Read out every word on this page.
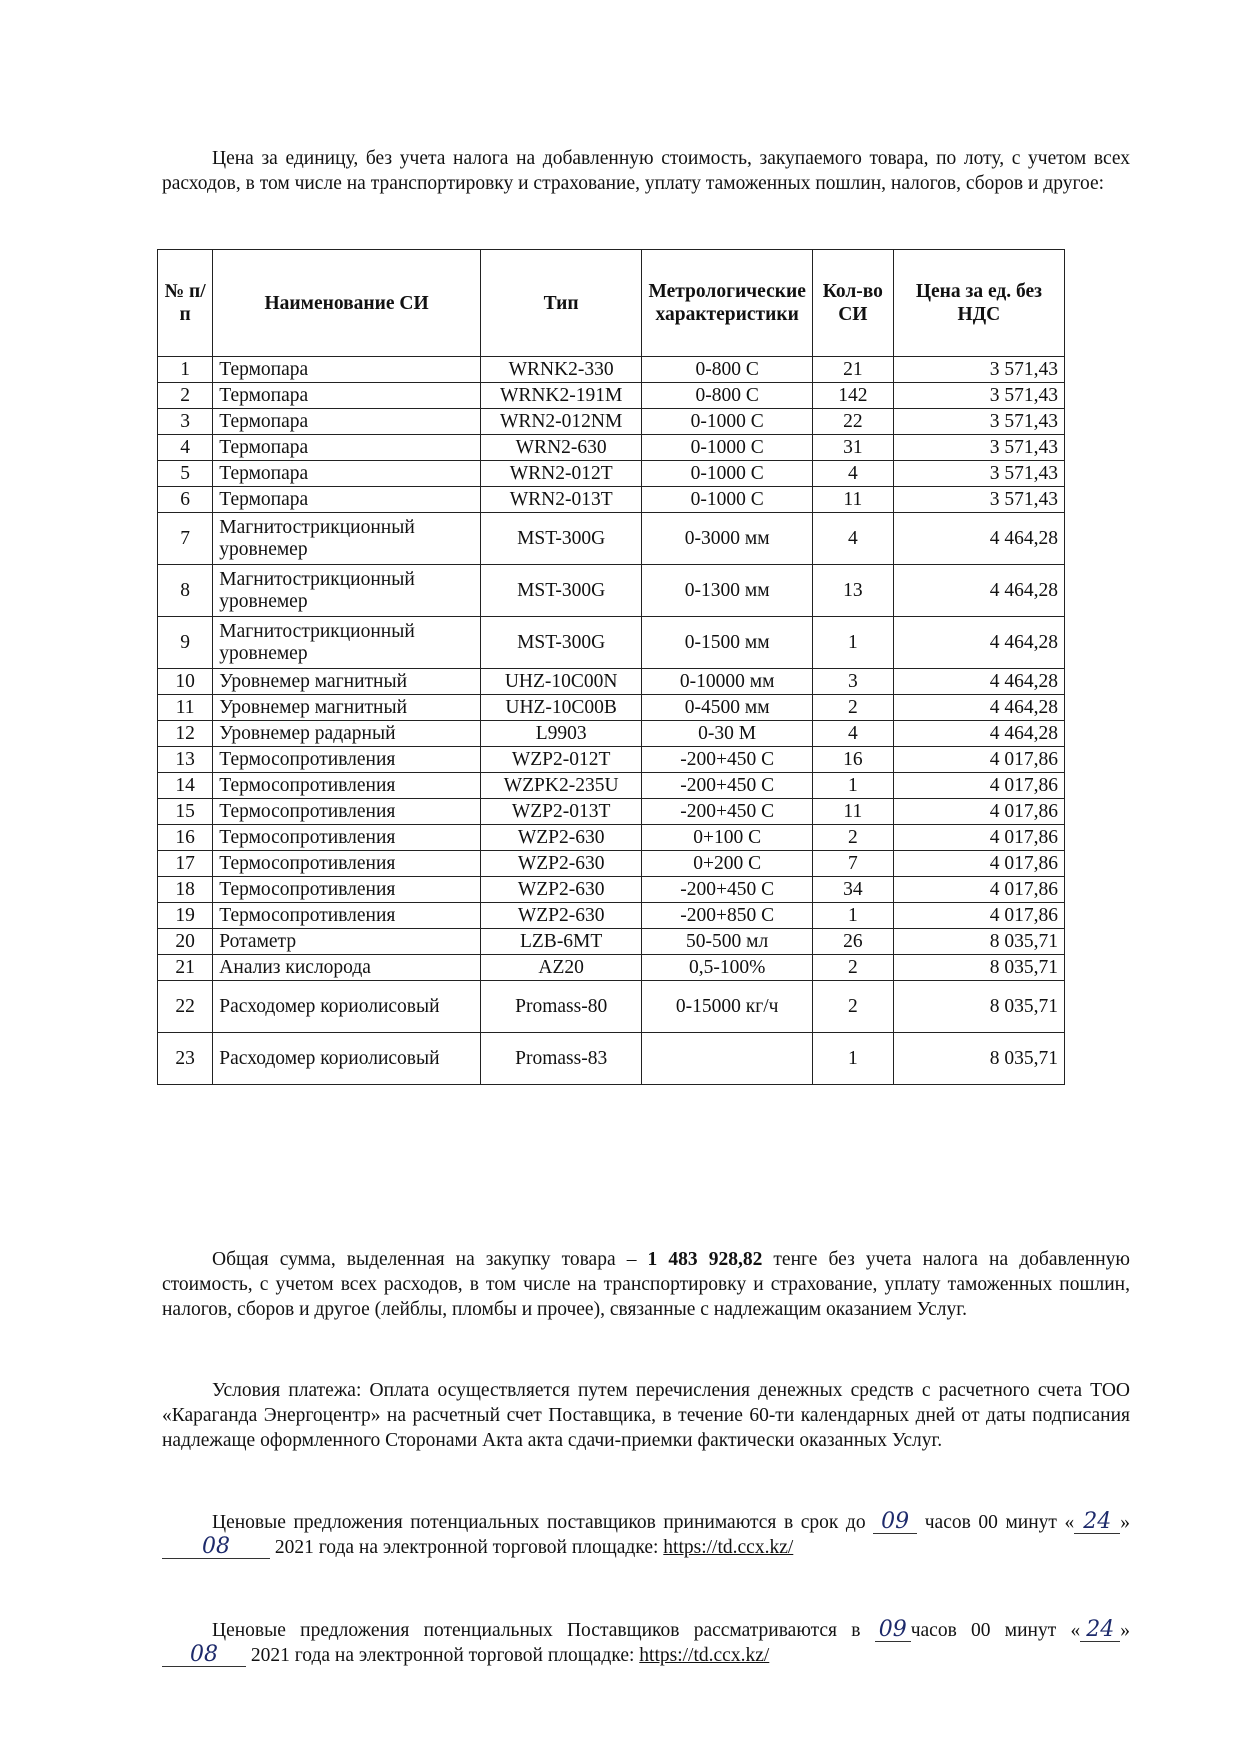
Цена за единицу, без учета налога на добавленную стоимость, закупаемого товара, по лоту, с учетом всех расходов, в том числе на транспортировку и страхование, уплату таможенных пошлин, налогов, сборов и другое:

№ п/п	Наименование СИ	Тип	Метрологические характеристики	Кол-во СИ	Цена за ед. без НДС
1	Термопара	WRNK2-330	0-800 С	21	3 571,43
2	Термопара	WRNK2-191M	0-800 С	142	3 571,43
3	Термопара	WRN2-012NM	0-1000 С	22	3 571,43
4	Термопара	WRN2-630	0-1000 С	31	3 571,43
5	Термопара	WRN2-012T	0-1000 С	4	3 571,43
6	Термопара	WRN2-013T	0-1000 С	11	3 571,43
7	Магнитострикционный уровнемер	MST-300G	0-3000 мм	4	4 464,28
8	Магнитострикционный уровнемер	MST-300G	0-1300 мм	13	4 464,28
9	Магнитострикционный уровнемер	MST-300G	0-1500 мм	1	4 464,28
10	Уровнемер магнитный	UHZ-10C00N	0-10000 мм	3	4 464,28
11	Уровнемер магнитный	UHZ-10C00B	0-4500 мм	2	4 464,28
12	Уровнемер радарный	L9903	0-30 М	4	4 464,28
13	Термосопротивления	WZP2-012T	-200+450 С	16	4 017,86
14	Термосопротивления	WZPK2-235U	-200+450 С	1	4 017,86
15	Термосопротивления	WZP2-013T	-200+450 С	11	4 017,86
16	Термосопротивления	WZP2-630	0+100 С	2	4 017,86
17	Термосопротивления	WZP2-630	0+200 С	7	4 017,86
18	Термосопротивления	WZP2-630	-200+450 С	34	4 017,86
19	Термосопротивления	WZP2-630	-200+850 С	1	4 017,86
20	Ротаметр	LZB-6MT	50-500 мл	26	8 035,71
21	Анализ кислорода	AZ20	0,5-100%	2	8 035,71
22	Расходомер кориолисовый	Promass-80	0-15000 кг/ч	2	8 035,71
23	Расходомер кориолисовый	Promass-83		1	8 035,71

Общая сумма, выделенная на закупку товара – 1 483 928,82 тенге без учета налога на добавленную стоимость, с учетом всех расходов, в том числе на транспортировку и страхование, уплату таможенных пошлин, налогов, сборов и другое (лейблы, пломбы и прочее), связанные с надлежащим оказанием Услуг.

Условия платежа: Оплата осуществляется путем перечисления денежных средств с расчетного счета ТОО «Карагандa Энергоцентр» на расчетный счет Поставщика, в течение 60-ти календарных дней от даты подписания надлежаще оформленного Сторонами Акта акта сдачи-приемки фактически оказанных Услуг.

Ценовые предложения потенциальных поставщиков принимаются в срок до 09 часов 00 минут « 24 » 08 2021 года на электронной торговой площадке: https://td.ccx.kz/

Ценовые предложения потенциальных Поставщиков рассматриваются в 09 часов 00 минут « 24 » 08 2021 года на электронной торговой площадке: https://td.ccx.kz/
